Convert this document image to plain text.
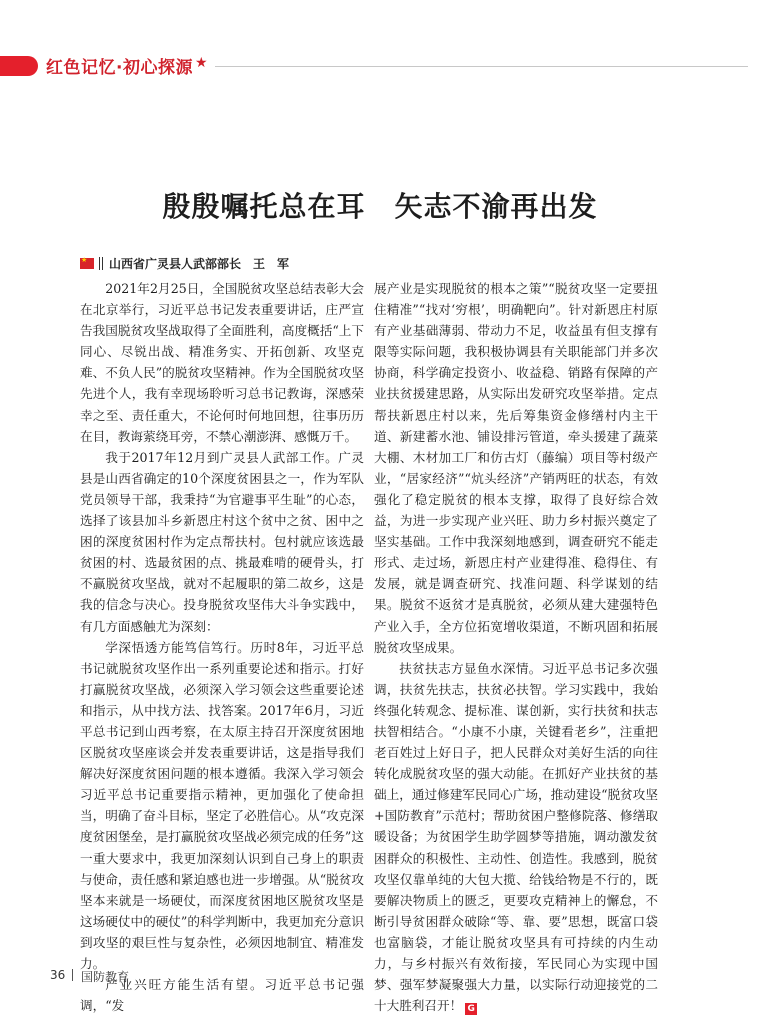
红色记忆·初心探源 ★
殷殷嘱托总在耳　矢志不渝再出发
★ 山西省广灵县人武部部长　王　军

2021年2月25日，全国脱贫攻坚总结表彰大会在北京举行，习近平总书记发表重要讲话，庄严宣告我国脱贫攻坚战取得了全面胜利，高度概括“上下同心、尽锐出战、精准务实、开拓创新、攻坚克难、不负人民”的脱贫攻坚精神。作为全国脱贫攻坚先进个人，我有幸现场聆听习总书记教诲，深感荣幸之至、责任重大，不论何时何地回想，往事历历在目，教诲萦绕耳旁，不禁心潮澎湃、感慨万千。

我于2017年12月到广灵县人武部工作。广灵县是山西省确定的10个深度贫困县之一，作为军队党员领导干部，我秉持“为官避事平生耻”的心态，选择了该县加斗乡新恩庄村这个贫中之贫、困中之困的深度贫困村作为定点帮扶村。包村就应该选最贫困的村、选最贫困的点、挑最难啃的硬骨头，打不赢脱贫攻坚战，就对不起履职的第二故乡，这是我的信念与决心。投身脱贫攻坚伟大斗争实践中，有几方面感触尤为深刻：

学深悟透方能笃信笃行。历时8年，习近平总书记就脱贫攻坚作出一系列重要论述和指示。打好打赢脱贫攻坚战，必须深入学习领会这些重要论述和指示，从中找方法、找答案。2017年6月，习近平总书记到山西考察，在太原主持召开深度贫困地区脱贫攻坚座谈会并发表重要讲话，这是指导我们解决好深度贫困问题的根本遵循。我深入学习领会习近平总书记重要指示精神，更加强化了使命担当，明确了奋斗目标，坚定了必胜信心。从“攻克深度贫困堡垒，是打赢脱贫攻坚战必须完成的任务”这一重大要求中，我更加深刻认识到自己身上的职责与使命，责任感和紧迫感也进一步增强。从“脱贫攻坚本来就是一场硬仗，而深度贫困地区脱贫攻坚是这场硬仗中的硬仗”的科学判断中，我更加充分意识到攻坚的艰巨性与复杂性，必须因地制宜、精准发力。

产业兴旺方能生活有望。习近平总书记强调，“发

展产业是实现脱贫的根本之策”“脱贫攻坚一定要扭住精准”“找对‘穷根’，明确靶向”。针对新恩庄村原有产业基础薄弱、带动力不足，收益虽有但支撑有限等实际问题，我积极协调县有关职能部门并多次协商，科学确定投资小、收益稳、销路有保障的产业扶贫援建思路，从实际出发研究攻坚举措。定点帮扶新恩庄村以来，先后筹集资金修缮村内主干道、新建蓄水池、铺设排污管道，牵头援建了蔬菜大棚、木材加工厂和仿古灯（藤编）项目等村级产业，“居家经济”“炕头经济”产销两旺的状态，有效强化了稳定脱贫的根本支撑，取得了良好综合效益，为进一步实现产业兴旺、助力乡村振兴奠定了坚实基础。工作中我深刻地感到，调查研究不能走形式、走过场，新恩庄村产业建得准、稳得住、有发展，就是调查研究、找准问题、科学谋划的结果。脱贫不返贫才是真脱贫，必须从建大建强特色产业入手，全方位拓宽增收渠道，不断巩固和拓展脱贫攻坚成果。

扶贫扶志方显鱼水深情。习近平总书记多次强调，扶贫先扶志，扶贫必扶智。学习实践中，我始终强化转观念、提标准、谋创新，实行扶贫和扶志扶智相结合。“小康不小康，关键看老乡”，注重把老百姓过上好日子，把人民群众对美好生活的向往转化成脱贫攻坚的强大动能。在抓好产业扶贫的基础上，通过修建军民同心广场，推动建设“脱贫攻坚+国防教育”示范村；帮助贫困户整修院落、修缮取暖设备；为贫困学生助学圆梦等措施，调动激发贫困群众的积极性、主动性、创造性。我感到，脱贫攻坚仅靠单纯的大包大揽、给钱给物是不行的，既要解决物质上的匮乏，更要攻克精神上的懈怠，不断引导贫困群众破除“等、靠、要”思想，既富口袋也富脑袋，才能让脱贫攻坚具有可持续的内生动力，与乡村振兴有效衔接，军民同心为实现中国梦、强军梦凝聚强大力量，以实际行动迎接党的二十大胜利召开！ G

36 国防教育
